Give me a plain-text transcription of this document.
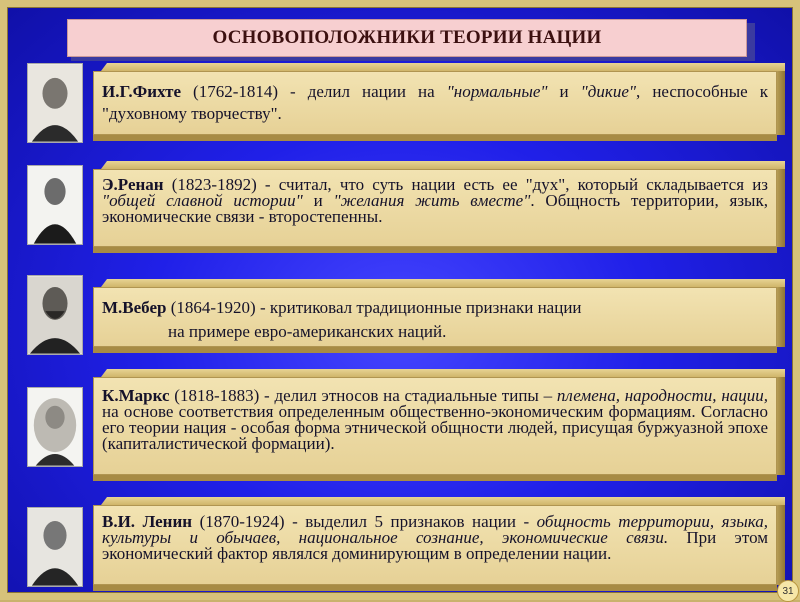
ОСНОВОПОЛОЖНИКИ ТЕОРИИ НАЦИИ
И.Г.Фихте (1762-1814) - делил нации на "нормальные" и "дикие", неспособные к "духовному творчеству".
Э.Ренан (1823-1892) - считал, что суть нации есть ее "дух", который складывается из "общей славной истории" и "желания жить вместе". Общность территории, язык, экономические связи - второстепенны.
М.Вебер (1864-1920) - критиковал традиционные признаки нации
на примере евро-американских наций.
К.Маркс (1818-1883) - делил этносов на стадиальные типы – племена, народности, нации, на основе соответствия определенным общественно-экономическим формациям. Согласно его теории нация - особая форма этнической общности людей, присущая буржуазной эпохе (капиталистической формации).
В.И. Ленин (1870-1924) - выделил 5 признаков нации - общность территории, языка, культуры и обычаев, национальное сознание, экономические связи. При этом экономический фактор являлся доминирующим в определении нации.
31
